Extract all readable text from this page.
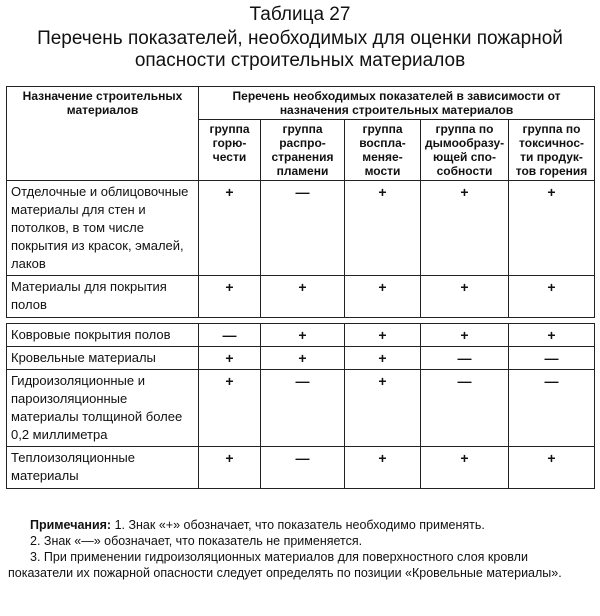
Таблица 27
Перечень показателей, необходимых для оценки пожарной опасности строительных материалов
Назначение строительных материалов	Перечень необходимых показателей в зависимости от назначения строительных материалов				
	группа горю-чести	группа распро-странения пламени	группа воспла-меняе-мости	группа по дымообразу-ющей спо-собности	группа по токсичнос-ти продук-тов горения
Отделочные и облицовочные материалы для стен и потолков, в том числе покрытия из красок, эмалей, лаков	+	—	+	+	+
Материалы для покрытия полов	+	+	+	+	+

Ковровые покрытия полов	—	+	+	+	+
Кровельные материалы	+	+	+	—	—
Гидроизоляционные и пароизоляционные материалы толщиной более 0,2 миллиметра	+	—	+	—	—
Теплоизоляционные материалы	+	—	+	+	+
Примечания: 1. Знак «+» обозначает, что показатель необходимо применять.
2. Знак «—» обозначает, что показатель не применяется.
3. При применении гидроизоляционных материалов для поверхностного слоя кровли показатели их пожарной опасности следует определять по позиции «Кровельные материалы».
